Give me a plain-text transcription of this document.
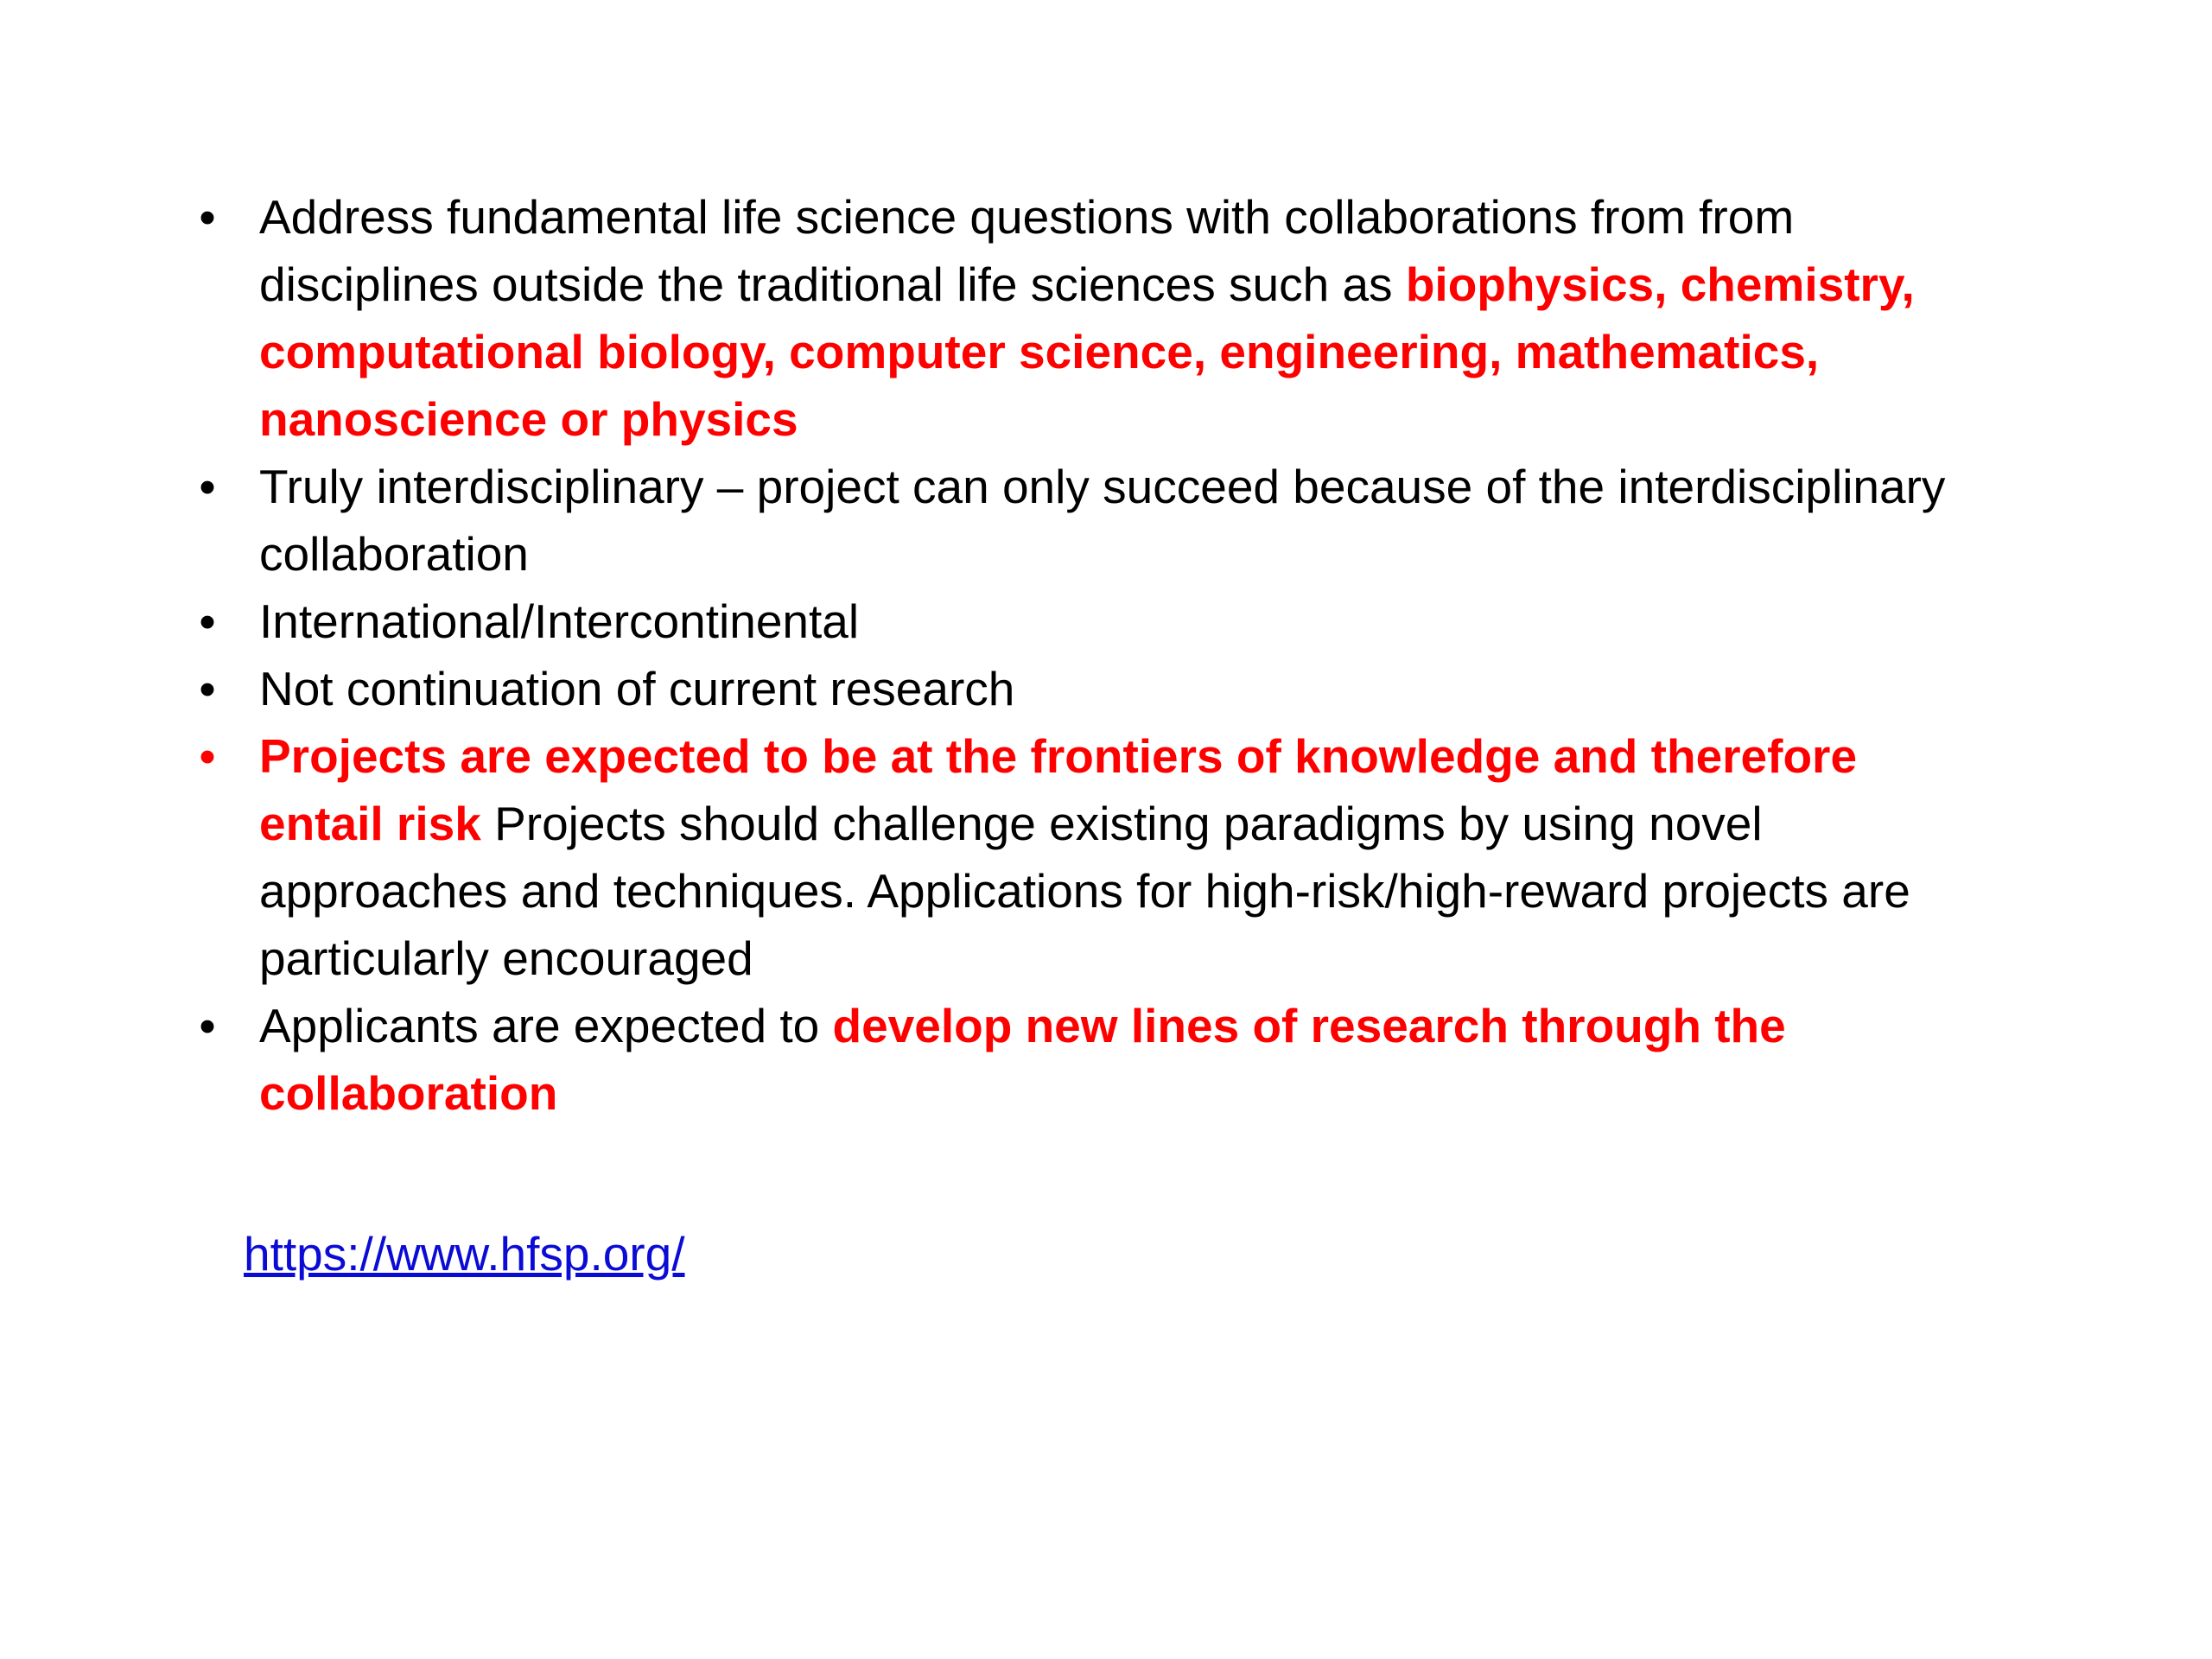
• Address fundamental life science questions with collaborations from from disciplines outside the traditional life sciences such as biophysics, chemistry, computational biology, computer science, engineering, mathematics, nanoscience or physics
• Truly interdisciplinary – project can only succeed because of the interdisciplinary collaboration
• International/Intercontinental
• Not continuation of current research
• Projects are expected to be at the frontiers of knowledge and therefore entail risk Projects should challenge existing paradigms by using novel approaches and techniques. Applications for high-risk/high-reward projects are particularly encouraged
• Applicants are expected to develop new lines of research through the collaboration
https://www.hfsp.org/
